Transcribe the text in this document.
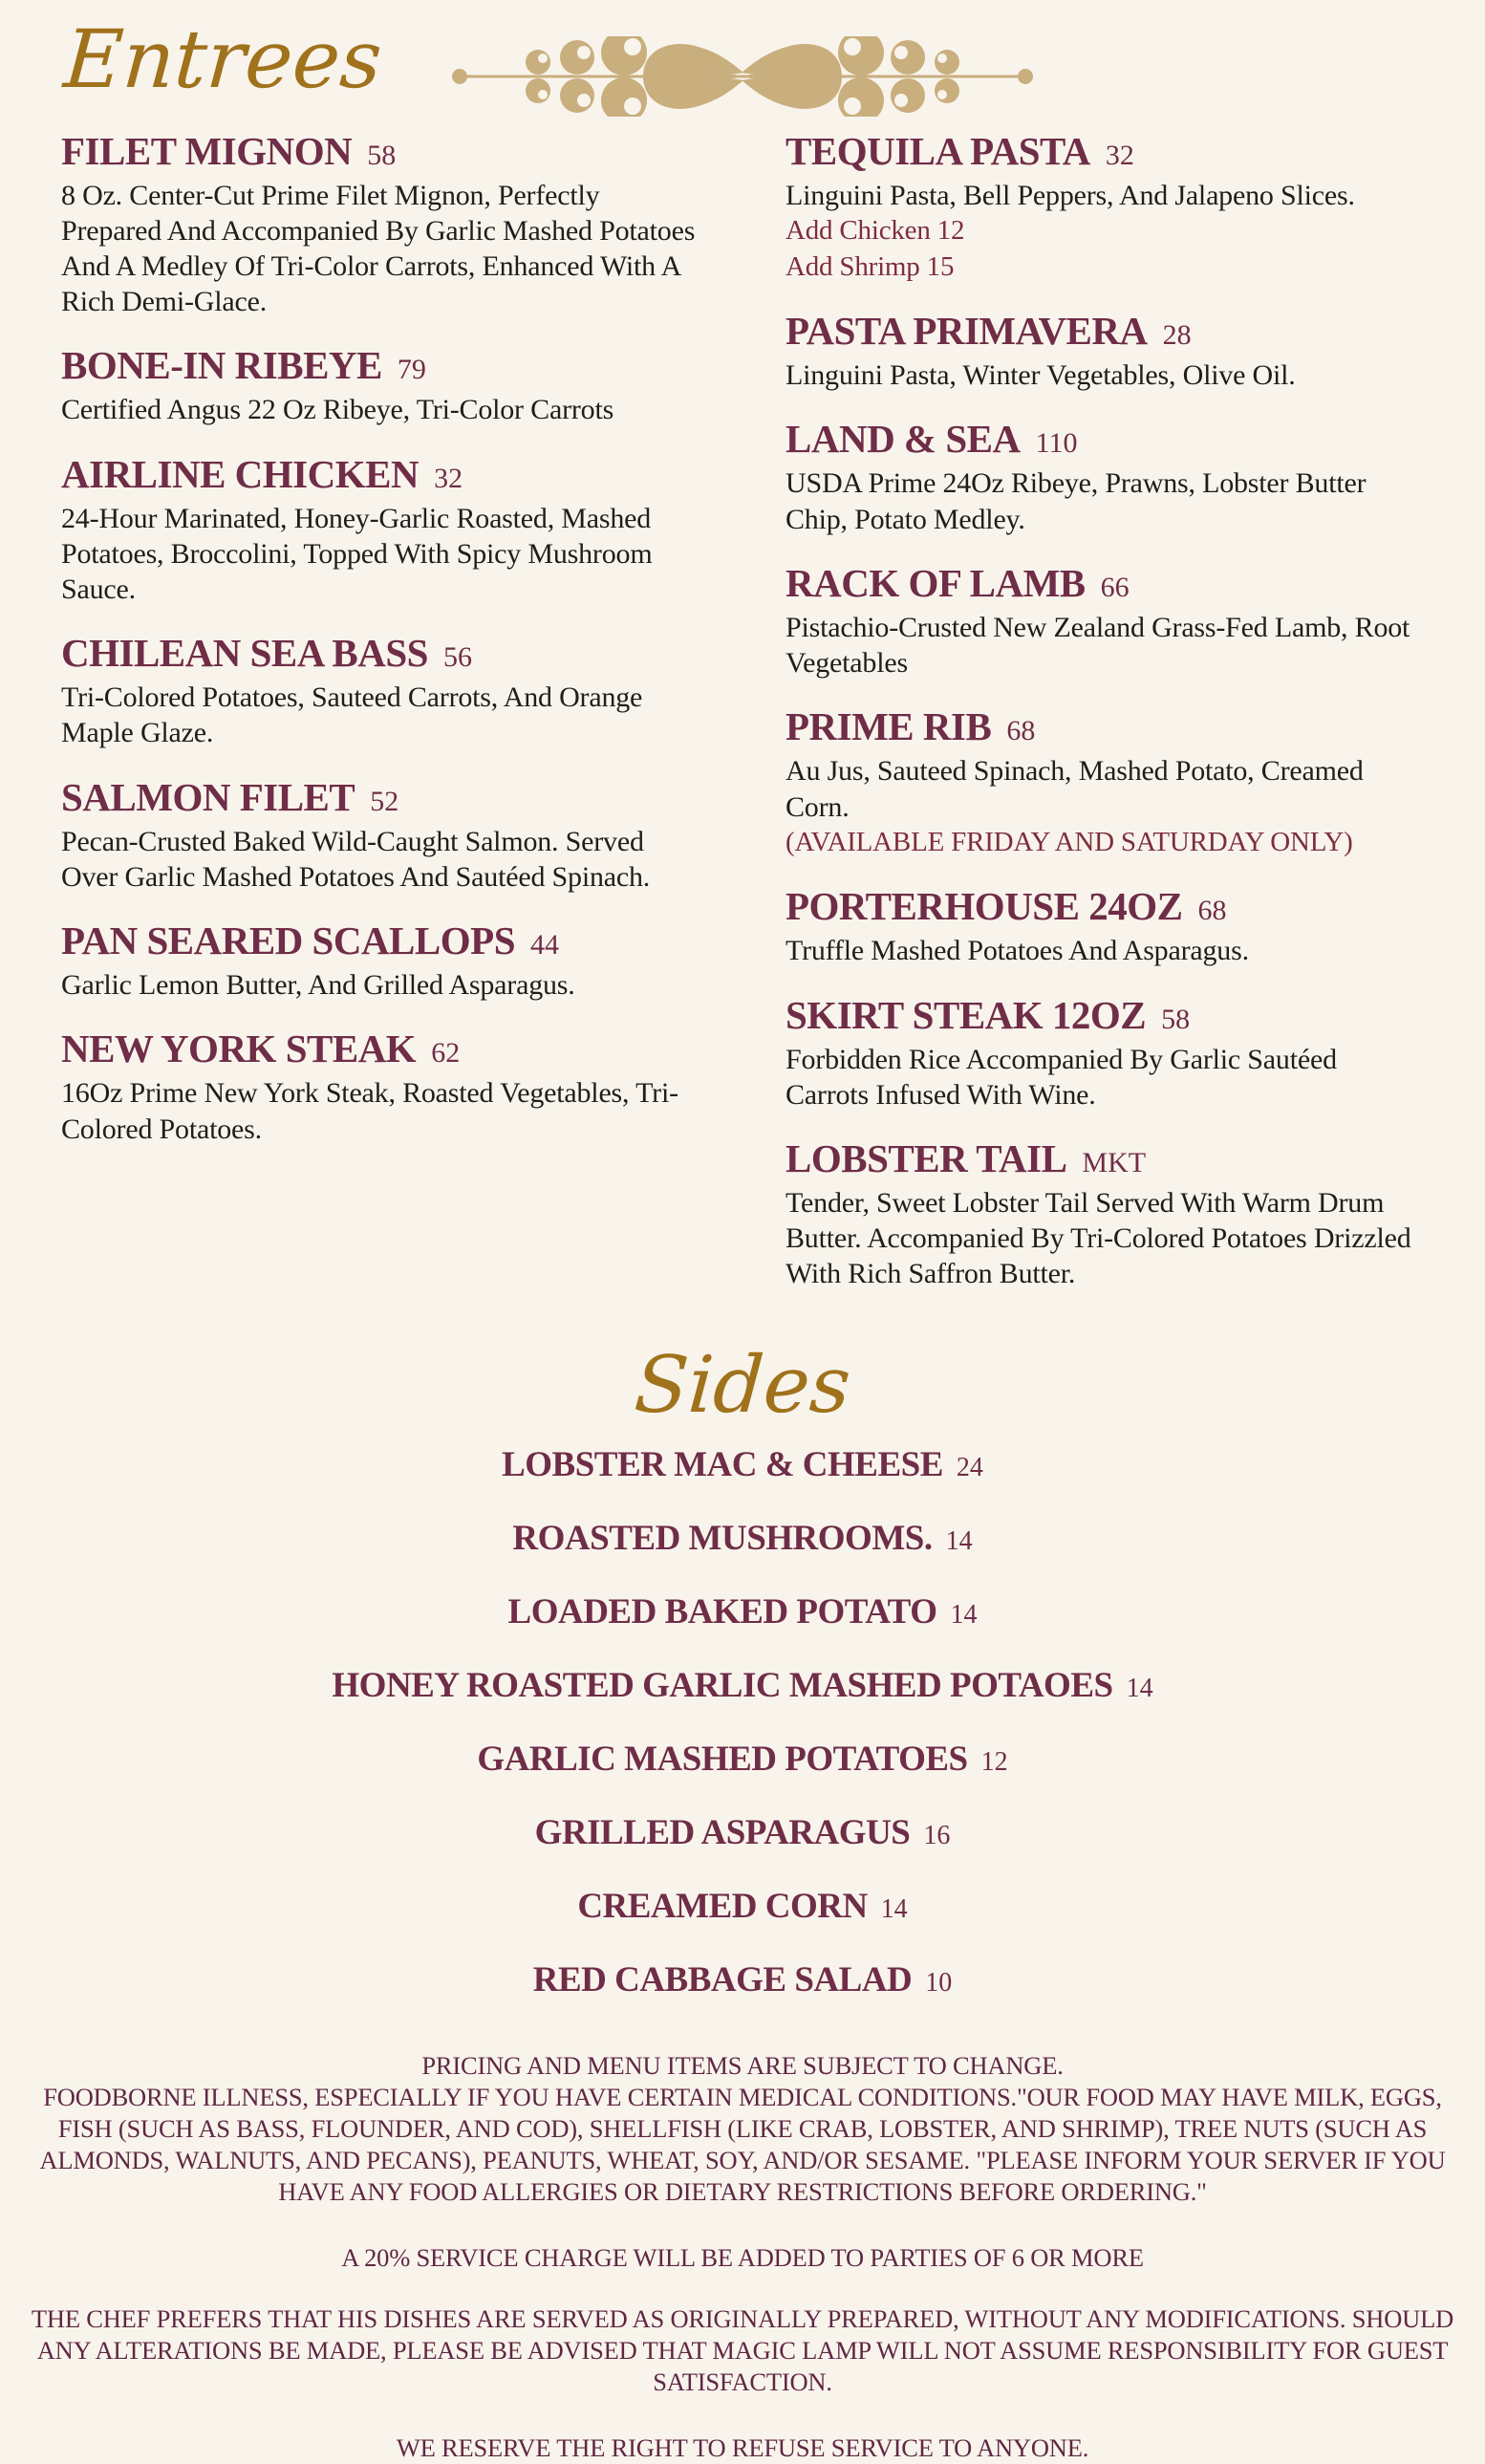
Entrees
FILET MIGNON 58

8 Oz. Center-Cut Prime Filet Mignon, Perfectly Prepared And Accompanied By Garlic Mashed Potatoes And A Medley Of Tri-Color Carrots, Enhanced With A Rich Demi-Glace.

BONE-IN RIBEYE 79

Certified Angus 22 Oz Ribeye, Tri-Color Carrots

AIRLINE CHICKEN 32

24-Hour Marinated, Honey-Garlic Roasted, Mashed Potatoes, Broccolini, Topped With Spicy Mushroom Sauce.

CHILEAN SEA BASS 56

Tri-Colored Potatoes, Sauteed Carrots, And Orange Maple Glaze.

SALMON FILET 52

Pecan-Crusted Baked Wild-Caught Salmon. Served Over Garlic Mashed Potatoes And Sautéed Spinach.

PAN SEARED SCALLOPS 44

Garlic Lemon Butter, And Grilled Asparagus.

NEW YORK STEAK 62

16Oz Prime New York Steak, Roasted Vegetables, Tri-Colored Potatoes.

TEQUILA PASTA 32

Linguini Pasta, Bell Peppers, And Jalapeno Slices.

Add Chicken 12

Add Shrimp 15

PASTA PRIMAVERA 28

Linguini Pasta, Winter Vegetables, Olive Oil.

LAND & SEA 110

USDA Prime 24Oz Ribeye, Prawns, Lobster Butter Chip, Potato Medley.

RACK OF LAMB 66

Pistachio-Crusted New Zealand Grass-Fed Lamb, Root Vegetables

PRIME RIB 68

Au Jus, Sauteed Spinach, Mashed Potato, Creamed Corn.

(AVAILABLE FRIDAY AND SATURDAY ONLY)

PORTERHOUSE 24OZ 68

Truffle Mashed Potatoes And Asparagus.

SKIRT STEAK 12OZ 58

Forbidden Rice Accompanied By Garlic Sautéed Carrots Infused With Wine.

LOBSTER TAIL MKT

Tender, Sweet Lobster Tail Served With Warm Drum Butter. Accompanied By Tri-Colored Potatoes Drizzled With Rich Saffron Butter.

Sides
LOBSTER MAC & CHEESE 24
ROASTED MUSHROOMS. 14
LOADED BAKED POTATO 14
HONEY ROASTED GARLIC MASHED POTAOES 14
GARLIC MASHED POTATOES 12
GRILLED ASPARAGUS 16
CREAMED CORN 14
RED CABBAGE SALAD 10

PRICING AND MENU ITEMS ARE SUBJECT TO CHANGE.

FOODBORNE ILLNESS, ESPECIALLY IF YOU HAVE CERTAIN MEDICAL CONDITIONS."OUR FOOD MAY HAVE MILK, EGGS, FISH (SUCH AS BASS, FLOUNDER, AND COD), SHELLFISH (LIKE CRAB, LOBSTER, AND SHRIMP), TREE NUTS (SUCH AS ALMONDS, WALNUTS, AND PECANS), PEANUTS, WHEAT, SOY, AND/OR SESAME. "PLEASE INFORM YOUR SERVER IF YOU HAVE ANY FOOD ALLERGIES OR DIETARY RESTRICTIONS BEFORE ORDERING."

A 20% SERVICE CHARGE WILL BE ADDED TO PARTIES OF 6 OR MORE

THE CHEF PREFERS THAT HIS DISHES ARE SERVED AS ORIGINALLY PREPARED, WITHOUT ANY MODIFICATIONS. SHOULD ANY ALTERATIONS BE MADE, PLEASE BE ADVISED THAT MAGIC LAMP WILL NOT ASSUME RESPONSIBILITY FOR GUEST SATISFACTION.

WE RESERVE THE RIGHT TO REFUSE SERVICE TO ANYONE.
